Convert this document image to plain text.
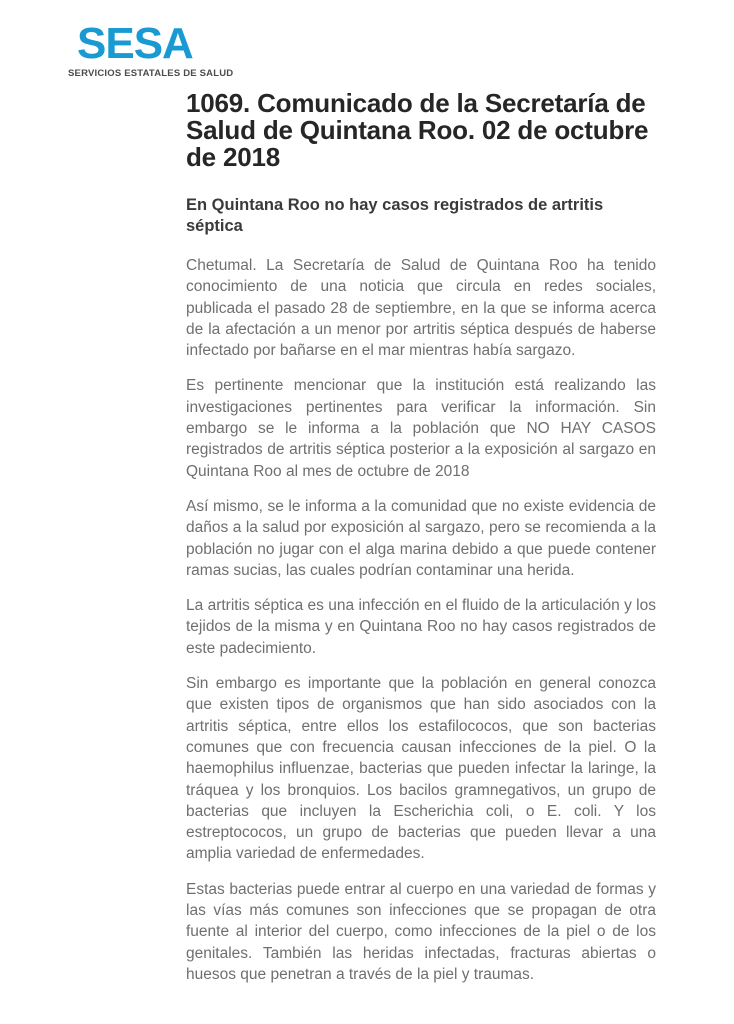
SESA
SERVICIOS ESTATALES DE SALUD
1069. Comunicado de la Secretaría de Salud de Quintana Roo. 02 de octubre de 2018
En Quintana Roo no hay casos registrados de artritis séptica

Chetumal. La Secretaría de Salud de Quintana Roo ha tenido conocimiento de una noticia que circula en redes sociales, publicada el pasado 28 de septiembre, en la que se informa acerca de la afectación a un menor por artritis séptica después de haberse infectado por bañarse en el mar mientras había sargazo.

Es pertinente mencionar que la institución está realizando las investigaciones pertinentes para verificar la información. Sin embargo se le informa a la población que NO HAY CASOS registrados de artritis séptica posterior a la exposición al sargazo en Quintana Roo al mes de octubre de 2018

Así mismo, se le informa a la comunidad que no existe evidencia de daños a la salud por exposición al sargazo, pero se recomienda a la población no jugar con el alga marina debido a que puede contener ramas sucias, las cuales podrían contaminar una herida.

La artritis séptica es una infección en el fluido de la articulación y los tejidos de la misma y en Quintana Roo no hay casos registrados de este padecimiento.

Sin embargo es importante que la población en general conozca que existen tipos de organismos que han sido asociados con la artritis séptica, entre ellos los estafilococos, que son bacterias comunes que con frecuencia causan infecciones de la piel. O la haemophilus influenzae, bacterias que pueden infectar la laringe, la tráquea y los bronquios. Los bacilos gramnegativos, un grupo de bacterias que incluyen la Escherichia coli, o E. coli. Y los estreptococos, un grupo de bacterias que pueden llevar a una amplia variedad de enfermedades.

Estas bacterias puede entrar al cuerpo en una variedad de formas y las vías más comunes son infecciones que se propagan de otra fuente al interior del cuerpo, como infecciones de la piel o de los genitales. También las heridas infectadas, fracturas abiertas o huesos que penetran a través de la piel y traumas.
